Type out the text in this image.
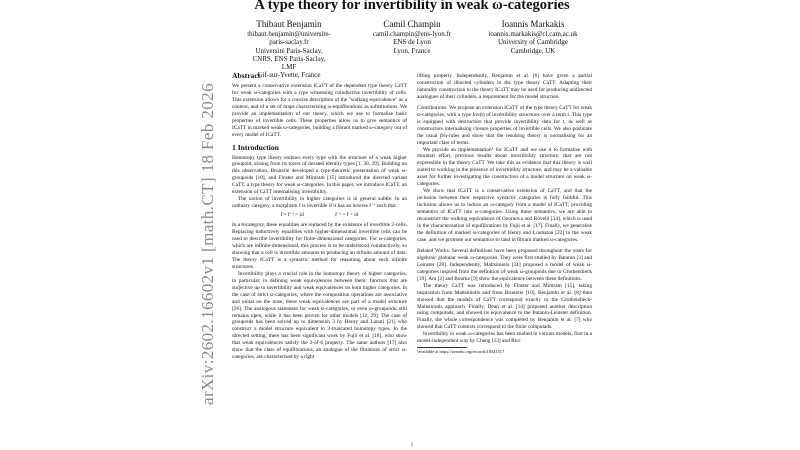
arXiv:2602.16602v1 [math.CT] 18 Feb 2026
A type theory for invertibility in weak ω-categories
Thibaut Benjamin
thibaut.benjamin@universite-paris-saclay.fr
Université Paris-Saclay, CNRS, ENS Paris-Saclay, LMF
Gif-sur-Yvette, France
Camil Champin
camil.champin@ens-lyon.fr
ENS de Lyon
Lyon, France
Ioannis Markakis
ioannis.markakis@cl.cam.ac.uk
University of Cambridge
Cambridge, UK
Abstract

We present a conservative extension ICaTT of the dependent type theory CaTT for weak ω-categories with a type witnessing coinductive invertibility of cells. This extension allows for a concise description of the "walking equivalence" as a context, and of a set of maps characterising ω-equifibrations as substitutions. We provide an implementation of our theory, which we use to formalise basic properties of invertible cells. These properties allow us to give semantics of ICaTT in marked weak ω-categories, building a fibrant marked ω-category out of every model of ICaTT.

1 Introduction

Homotopy type theory endows every type with the structure of a weak higher groupoid, arising from its tower of iterated identity types [1, 30, 39]. Building on this observation, Brunerie developed a type-theoretic presentation of weak ω-groupoids [10], and Finster and Mimram [15] introduced the directed variant CaTT, a type theory for weak ω-categories. In this paper, we introduce ICaTT, an extension of CaTT internalising invertibility.

The notion of invertibility in higher categories is in general subtle. In an ordinary category, a morphism f is invertible if it has an inverse f⁻¹ such that

f ∘ f⁻¹ = id	f⁻¹ ∘ f = id

In a bicategory, these equalities are replaced by the existence of invertible 2-cells. Replacing inductively equalities with higher-dimensional invertible cells can be used to describe invertibility for finite-dimensional categories. For ω-categories, which are infinite-dimensional, this process is to be understood coinductively, so showing that a cell is invertible amounts to producing an infinite amount of data. The theory ICaTT is a syntactic method for reasoning about such infinite structures.

Invertibility plays a crucial role in the homotopy theory of higher categories, in particular, in defining weak equivalences between them: functors that are surjective up to invertibility and weak equivalences on hom higher categories. In the case of strict ω-categories, where the composition operations are associative and unital on the nose, these weak equivalences are part of a model structure [26]. The analogous statement for weak ω-categories, or even ω-groupoids, still remains open, while it has been proven for other models [12, 29]. The case of groupoids has been solved up to dimension 3 by Henry and Lanari [21] who construct a model structure equivalent to 3-truncated homotopy types. In the directed setting, there has been significant work by Fujii et al. [18], who show that weak equivalences satisfy the 2-of-6 property. The same authors [17] also show that the class of equifibrations, an analogue of the fibrations of strict ω-categories, are characterised by a right

lifting property. Independently, Benjamin et al. [6] have given a partial construction of directed cylinders in the type theory CaTT. Adapting their naturality construction to the theory ICaTT may be used for producing undirected analogues of their cylinders, a requirement for the model structure.

Contributions. We propose an extension ICaTT of the type theory CaTT for weak ω-categories, with a type Inv(t) of invertibility structures over a term t. This type is equipped with destructors that provide invertibility data for t, as well as constructors internalising closure properties of invertible cells. We also postulate the usual β/η-rules and show that the resulting theory is normalising for an important class of terms.

We provide an implementation¹ for ICaTT and we use it to formalise with minimal effort, previous results about invertibility structure, that are not expressible in the theory CaTT. We take this as evidence that this theory is well suited to working in the presence of invertibility structure, and may be a valuable asset for further investigating the construction of a model structure on weak ω-categories.

We show that ICaTT is a conservative extension of CaTT, and that the inclusion between their respective syntactic categories is fully faithful. This inclusion allows us to induce an ω-category from a model of ICaTT, providing semantics of ICaTT into ω-categories. Using these semantics, we are able to reconstruct the walking equivalence of Ozornova and Rovelli [34], which is used in the characterisation of equifibrations by Fujii et al. [17]. Finally, we generalise the definition of marked ω-categories of Henry and Loubaton [22] to the weak case, and we promote our semantics to land in fibrant marked ω-categories.

Related Works. Several definitions have been proposed throughout the years for algebraic globular weak ω-categories. They were first studied by Batanin [3] and Leinster [28]. Independently, Maltsiniotis [31] proposed a model of weak ω-categories inspired from the definition of weak ω-groupoids due to Grothendieck [19]. Ara [2] and Bourke [9] show the equivalence between these definitions.

The theory CaTT was introduced by Finster and Mimram [15], taking inspiration from Maltsiniotis and from Brunerie [10]. Benjamin et al. [8] then showed that the models of CaTT correspond exactly to the Grothendieck-Maltsiniotis approach. Finally, Dean et al. [14] proposed another description using computads, and showed its equivalence to the Batanin-Leinster definition. Finally, the whole correspondence was completed by Benjamin et al. [7] who showed that CaTT contexts correspond to the finite computads.

Invertibility in weak ω-categories has been studied in various models, first in a model-independent way by Cheng [13] and Ricc

¹available at https://zenodo.org/records/18341517
1
